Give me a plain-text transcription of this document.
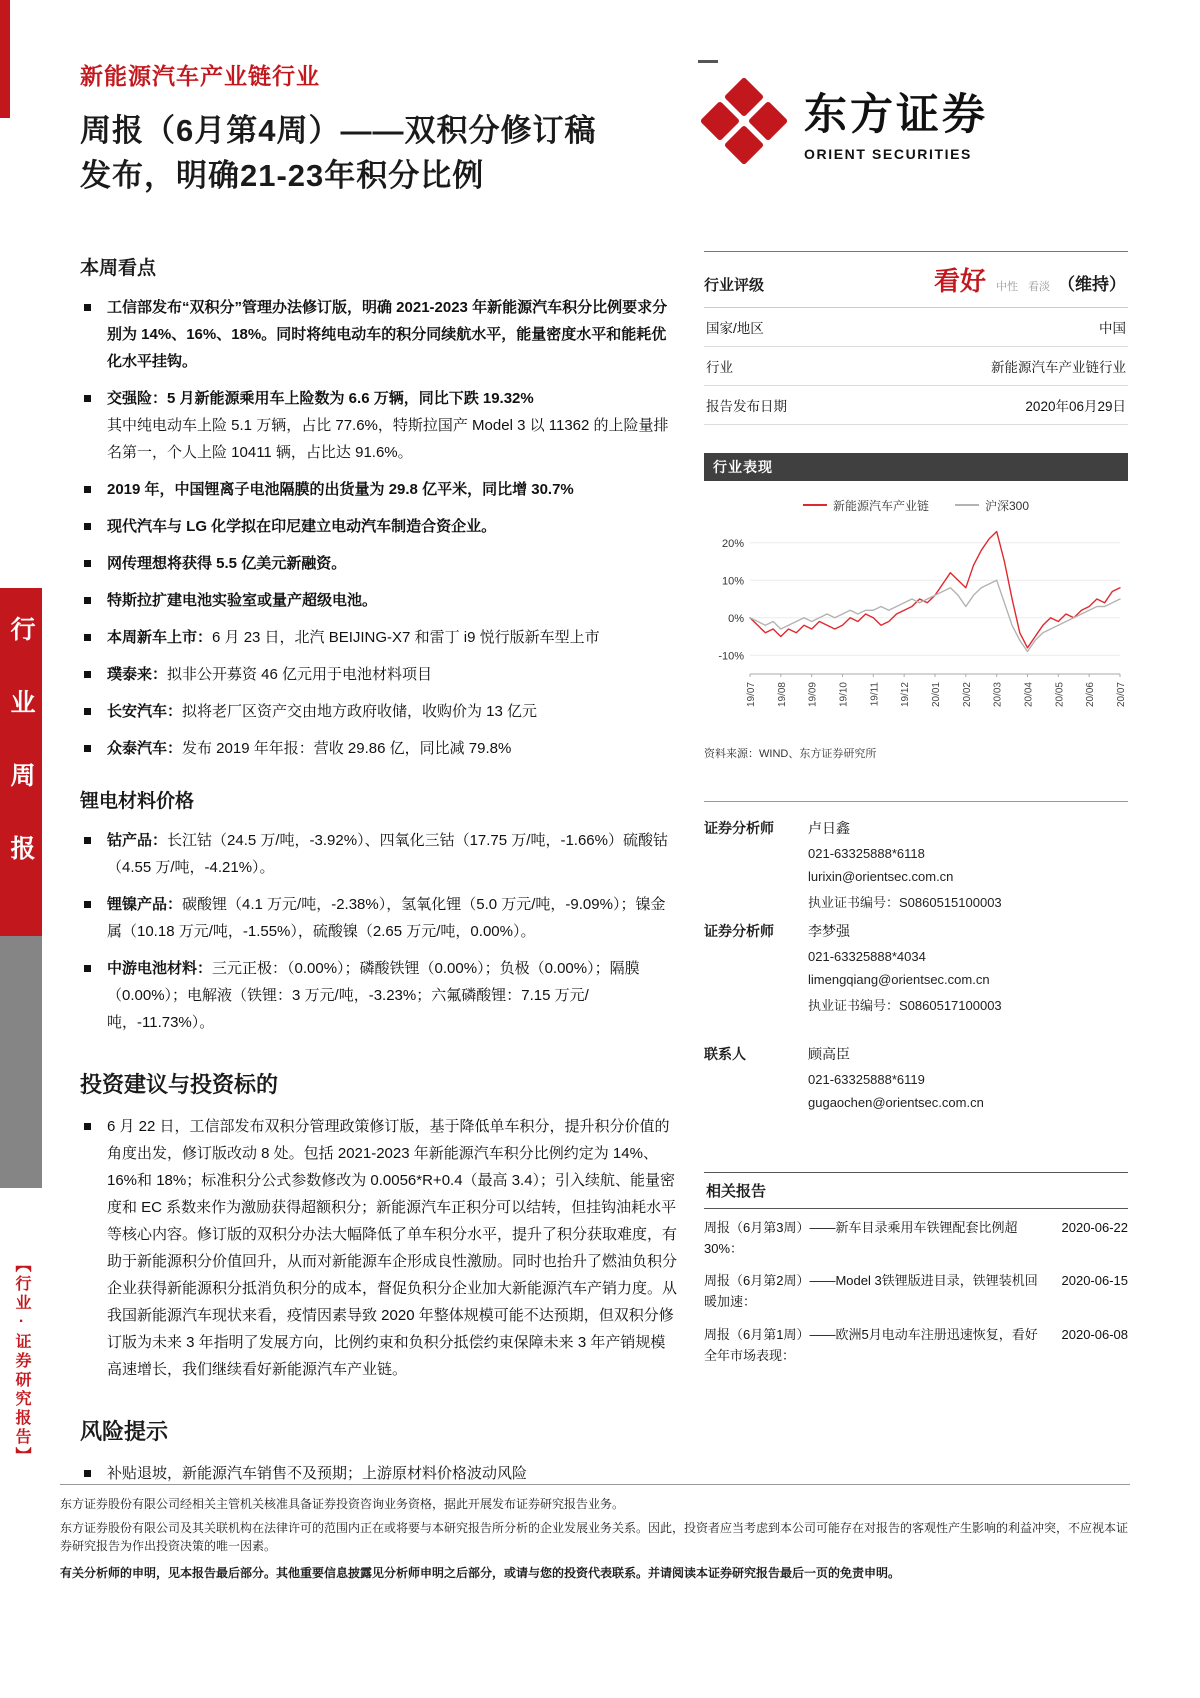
行业周报
【行业·证券研究报告】
新能源汽车产业链行业
周报（6月第4周）——双积分修订稿
发布，明确21-23年积分比例
东方证券
ORIENT SECURITIES
本周看点
工信部发布“双积分”管理办法修订版，明确 2021-2023 年新能源汽车积分比例要求分别为 14%、16%、18%。同时将纯电动车的积分同续航水平，能量密度水平和能耗优化水平挂钩。
交强险：5 月新能源乘用车上险数为 6.6 万辆，同比下跌 19.32%
其中纯电动车上险 5.1 万辆，占比 77.6%，特斯拉国产 Model 3 以 11362 的上险量排名第一，个人上险 10411 辆，占比达 91.6%。
2019 年，中国锂离子电池隔膜的出货量为 29.8 亿平米，同比增 30.7%
现代汽车与 LG 化学拟在印尼建立电动汽车制造合资企业。
网传理想将获得 5.5 亿美元新融资。
特斯拉扩建电池实验室或量产超级电池。
本周新车上市：6 月 23 日，北汽 BEIJING-X7 和雷丁 i9 悦行版新车型上市
璞泰来：拟非公开募资 46 亿元用于电池材料项目
长安汽车：拟将老厂区资产交由地方政府收储，收购价为 13 亿元
众泰汽车：发布 2019 年年报：营收 29.86 亿，同比减 79.8%
锂电材料价格
钴产品：长江钴（24.5 万/吨，-3.92%）、四氧化三钴（17.75 万/吨，-1.66%）硫酸钴（4.55 万/吨，-4.21%）。
锂镍产品：碳酸锂（4.1 万元/吨，-2.38%），氢氧化锂（5.0 万元/吨，-9.09%）；镍金属（10.18 万元/吨，-1.55%），硫酸镍（2.65 万元/吨，0.00%）。
中游电池材料：三元正极：（0.00%）；磷酸铁锂（0.00%）；负极（0.00%）；隔膜（0.00%）；电解液（铁锂：3 万元/吨，-3.23%；六氟磷酸锂：7.15 万元/吨，-11.73%）。
投资建议与投资标的
6 月 22 日，工信部发布双积分管理政策修订版，基于降低单车积分，提升积分价值的角度出发，修订版改动 8 处。包括 2021-2023 年新能源汽车积分比例约定为 14%、16%和 18%；标准积分公式参数修改为 0.0056*R+0.4（最高 3.4）；引入续航、能量密度和 EC 系数来作为激励获得超额积分；新能源汽车正积分可以结转，但挂钩油耗水平等核心内容。修订版的双积分办法大幅降低了单车积分水平，提升了积分获取难度，有助于新能源积分价值回升，从而对新能源车企形成良性激励。同时也抬升了燃油负积分企业获得新能源积分抵消负积分的成本，督促负积分企业加大新能源汽车产销力度。从我国新能源汽车现状来看，疫情因素导致 2020 年整体规模可能不达预期，但双积分修订版为未来 3 年指明了发展方向，比例约束和负积分抵偿约束保障未来 3 年产销规模高速增长，我们继续看好新能源汽车产业链。
风险提示
补贴退坡，新能源汽车销售不及预期；上游原材料价格波动风险
行业评级	看好 中性 看淡 （维持）
国家/地区	中国
行业	新能源汽车产业链行业
报告发布日期	2020年06月29日
行业表现
新能源汽车产业链	沪深300
20%
10%
0%
-10%
19/07 19/08 19/09 19/10 19/11 19/12 20/01 20/02 20/03 20/04 20/05 20/06 20/07
资料来源：WIND、东方证券研究所
证券分析师	卢日鑫
021-63325888*6118
lurixin@orientsec.com.cn
执业证书编号：S0860515100003
证券分析师	李梦强
021-63325888*4034
limengqiang@orientsec.com.cn
执业证书编号：S0860517100003
联系人	顾高臣
021-63325888*6119
gugaochen@orientsec.com.cn
相关报告
周报（6月第3周）——新车目录乘用车铁锂配套比例超30%：
2020-06-22
周报（6月第2周）——Model 3铁锂版进目录，铁锂装机回暖加速：
2020-06-15
周报（6月第1周）——欧洲5月电动车注册迅速恢复，看好全年市场表现：
2020-06-08
东方证券股份有限公司经相关主管机关核准具备证券投资咨询业务资格，据此开展发布证券研究报告业务。
东方证券股份有限公司及其关联机构在法律许可的范围内正在或将要与本研究报告所分析的企业发展业务关系。因此，投资者应当考虑到本公司可能存在对报告的客观性产生影响的利益冲突，不应视本证券研究报告为作出投资决策的唯一因素。
有关分析师的申明，见本报告最后部分。其他重要信息披露见分析师申明之后部分，或请与您的投资代表联系。并请阅读本证券研究报告最后一页的免责申明。
